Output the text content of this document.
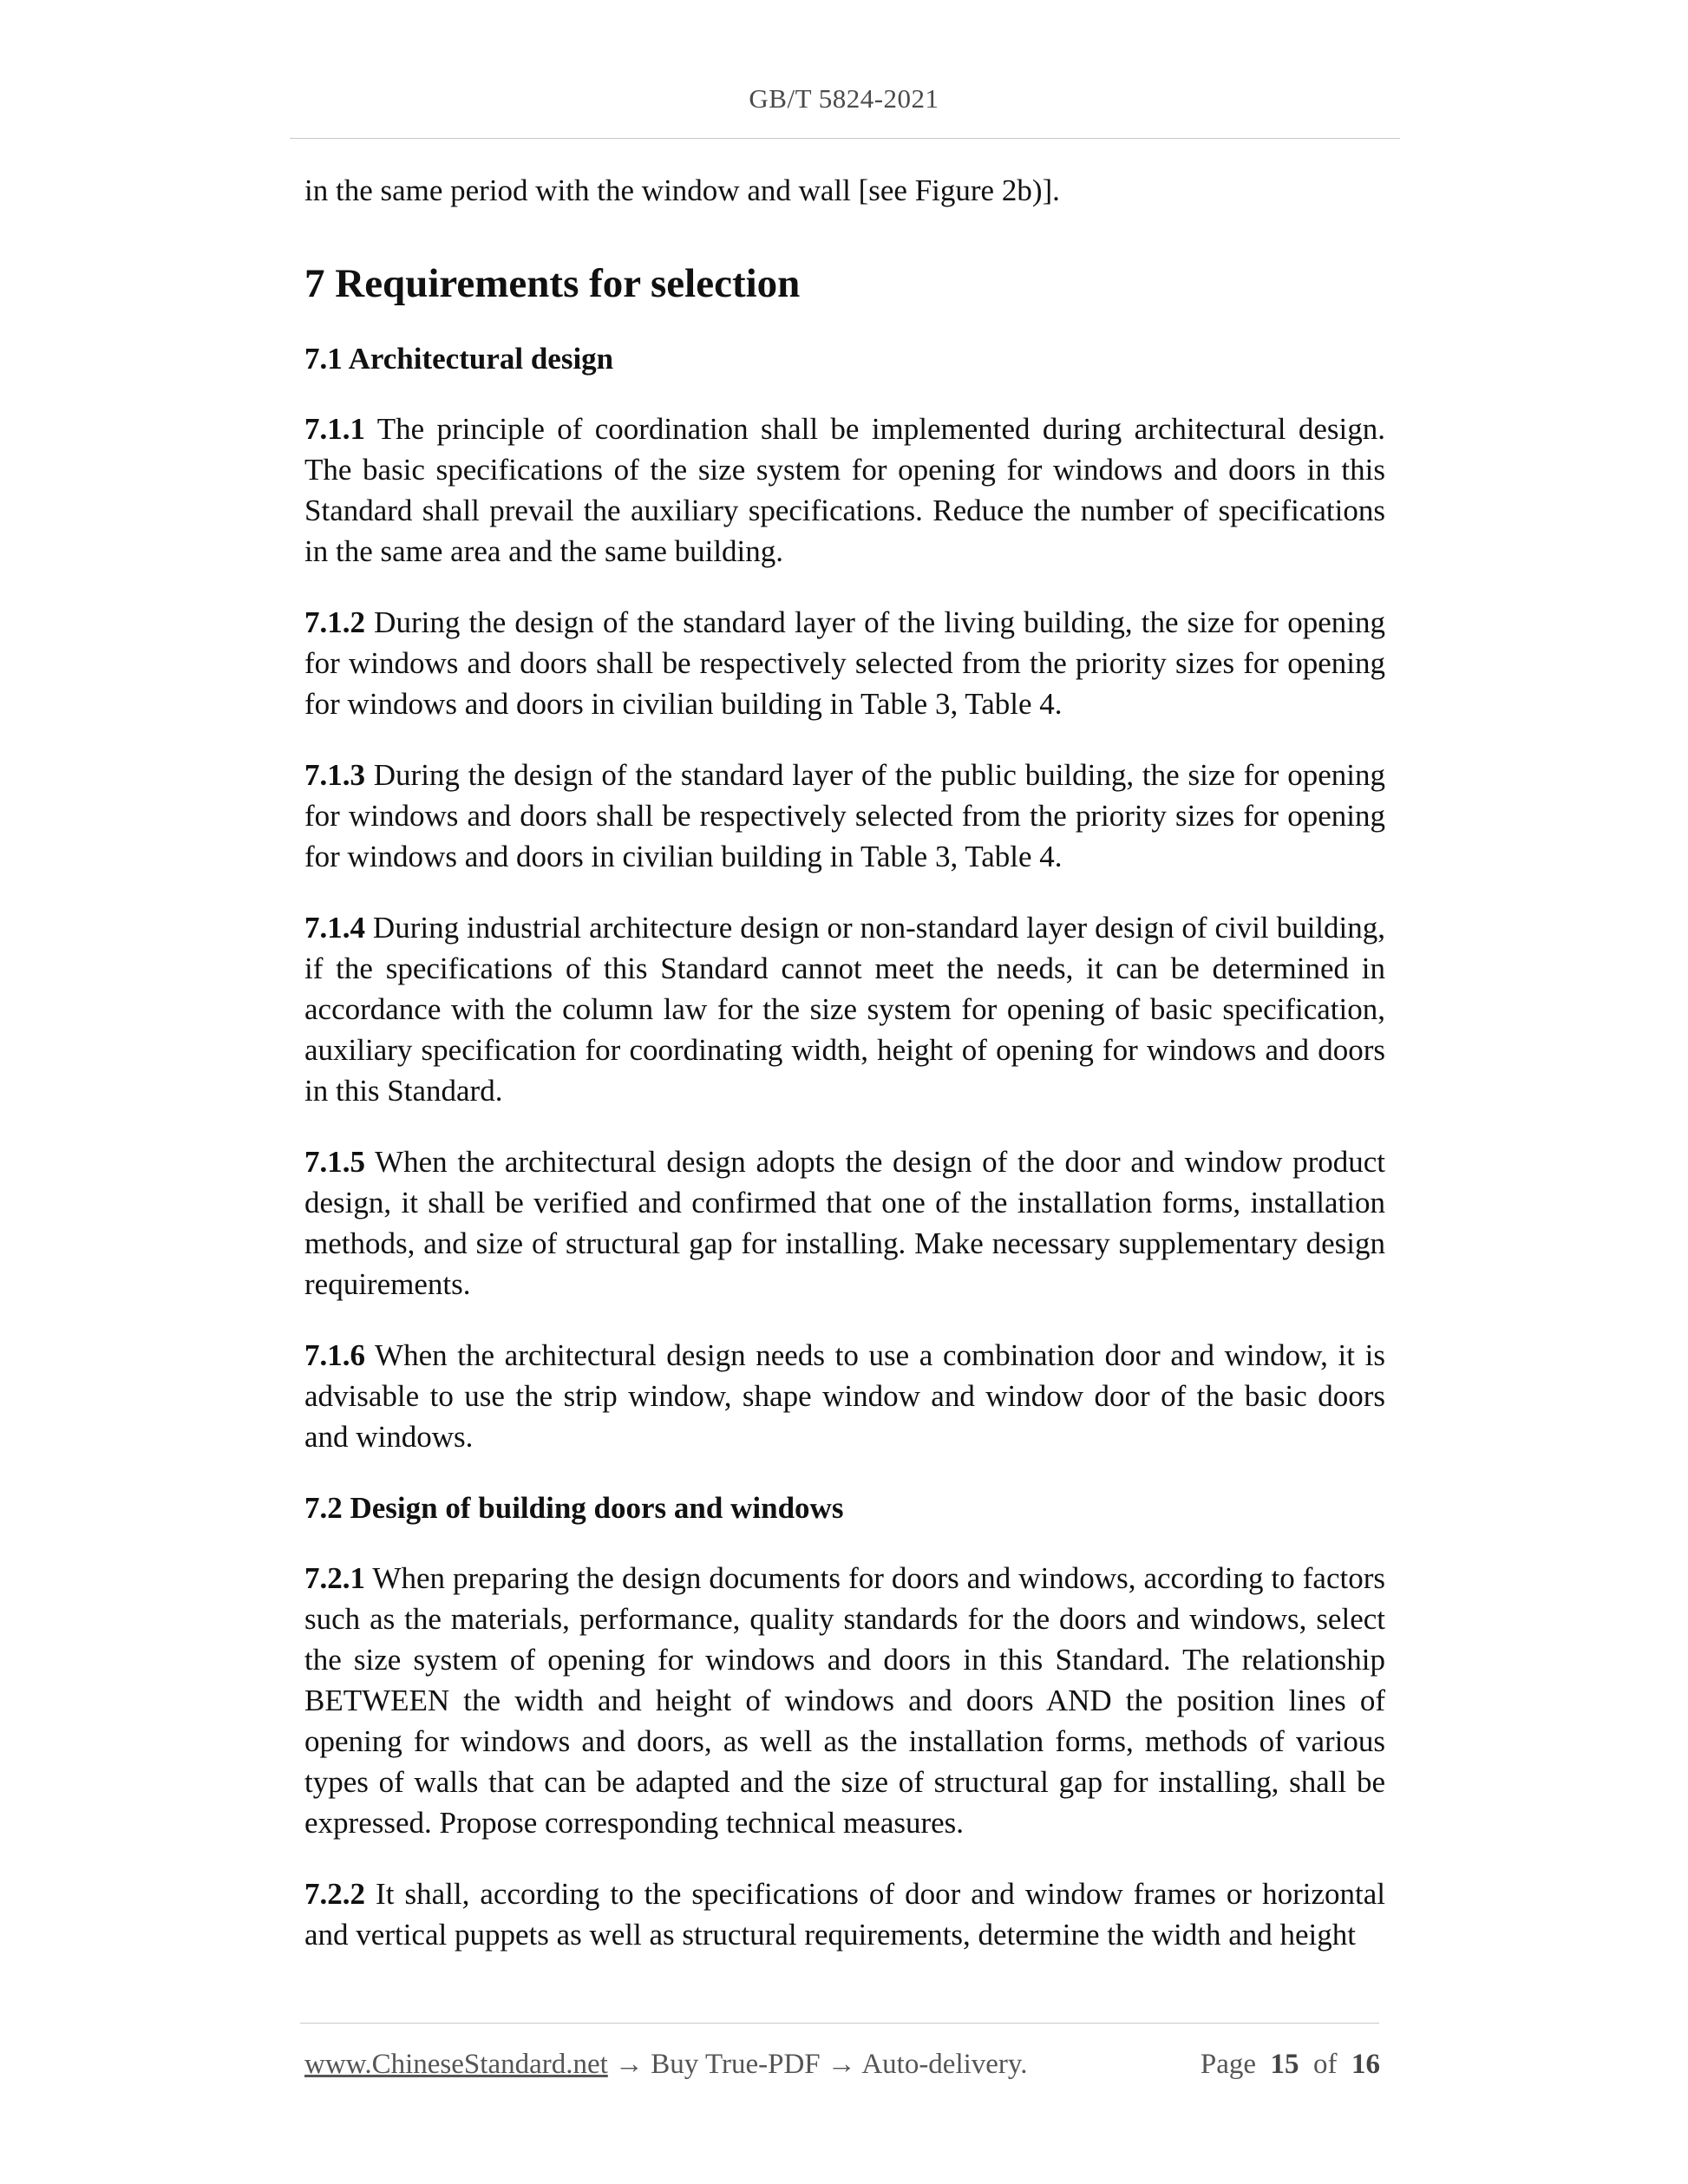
GB/T 5824-2021

in the same period with the window and wall [see Figure 2b)].

7 Requirements for selection
7.1 Architectural design

7.1.1 The principle of coordination shall be implemented during architectural design. The basic specifications of the size system for opening for windows and doors in this Standard shall prevail the auxiliary specifications. Reduce the number of specifications in the same area and the same building.

7.1.2 During the design of the standard layer of the living building, the size for opening for windows and doors shall be respectively selected from the priority sizes for opening for windows and doors in civilian building in Table 3, Table 4.

7.1.3 During the design of the standard layer of the public building, the size for opening for windows and doors shall be respectively selected from the priority sizes for opening for windows and doors in civilian building in Table 3, Table 4.

7.1.4 During industrial architecture design or non-standard layer design of civil building, if the specifications of this Standard cannot meet the needs, it can be determined in accordance with the column law for the size system for opening of basic specification, auxiliary specification for coordinating width, height of opening for windows and doors in this Standard.

7.1.5 When the architectural design adopts the design of the door and window product design, it shall be verified and confirmed that one of the installation forms, installation methods, and size of structural gap for installing. Make necessary supplementary design requirements.

7.1.6 When the architectural design needs to use a combination door and window, it is advisable to use the strip window, shape window and window door of the basic doors and windows.

7.2 Design of building doors and windows

7.2.1 When preparing the design documents for doors and windows, according to factors such as the materials, performance, quality standards for the doors and windows, select the size system of opening for windows and doors in this Standard. The relationship BETWEEN the width and height of windows and doors AND the position lines of opening for windows and doors, as well as the installation forms, methods of various types of walls that can be adapted and the size of structural gap for installing, shall be expressed. Propose corresponding technical measures.

7.2.2 It shall, according to the specifications of door and window frames or horizontal and vertical puppets as well as structural requirements, determine the width and height

www.ChineseStandard.net → Buy True-PDF → Auto-delivery.	Page 15 of 16
